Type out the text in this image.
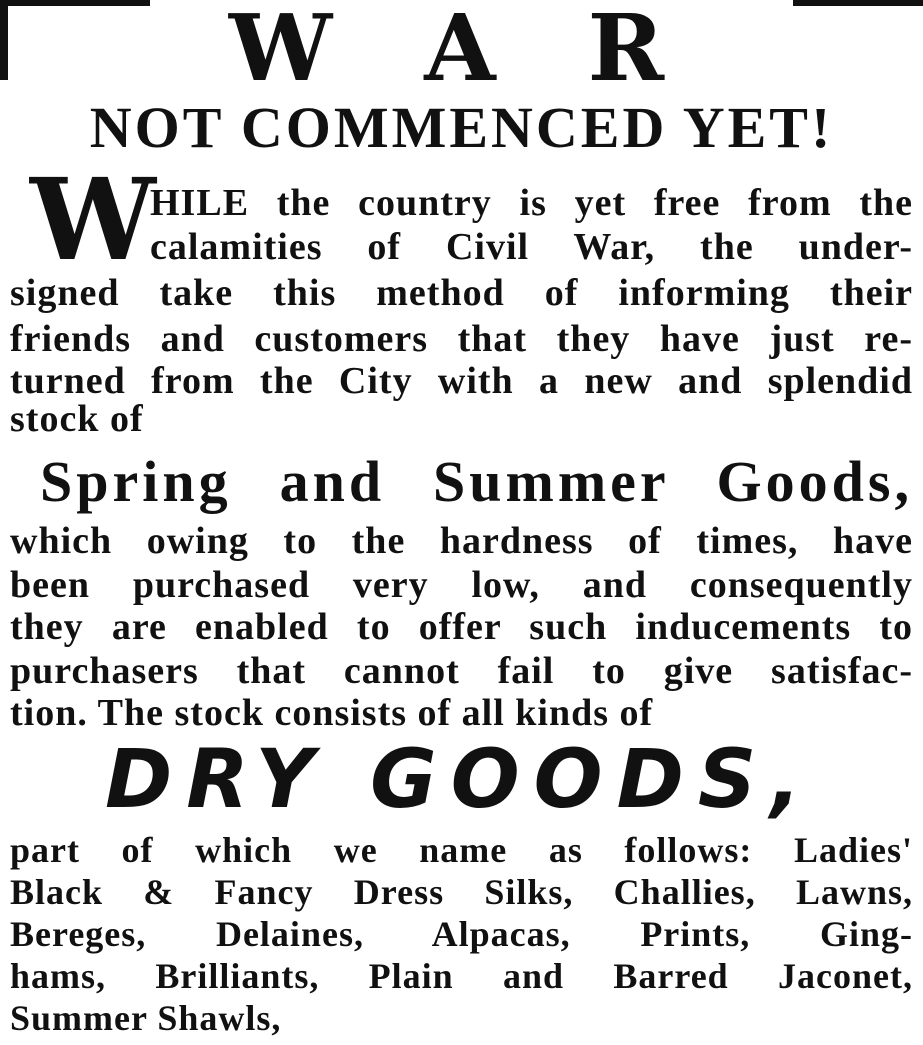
W A R
NOT COMMENCED YET!
W
HILE the country is yet free from the
calamities of Civil War, the under-
signed take this method of informing their
friends and customers that they have just re-
turned from the City with a new and splendid
stock of
Spring and Summer Goods,
which owing to the hardness of times, have
been purchased very low, and consequently
they are enabled to offer such inducements to
purchasers that cannot fail to give satisfac-
tion. The stock consists of all kinds of
DRY GOODS,
part of which we name as follows: Ladies'
Black & Fancy Dress Silks, Challies, Lawns,
Bereges, Delaines, Alpacas, Prints, Ging-
hams, Brilliants, Plain and Barred Jaconet,
Summer Shawls,
